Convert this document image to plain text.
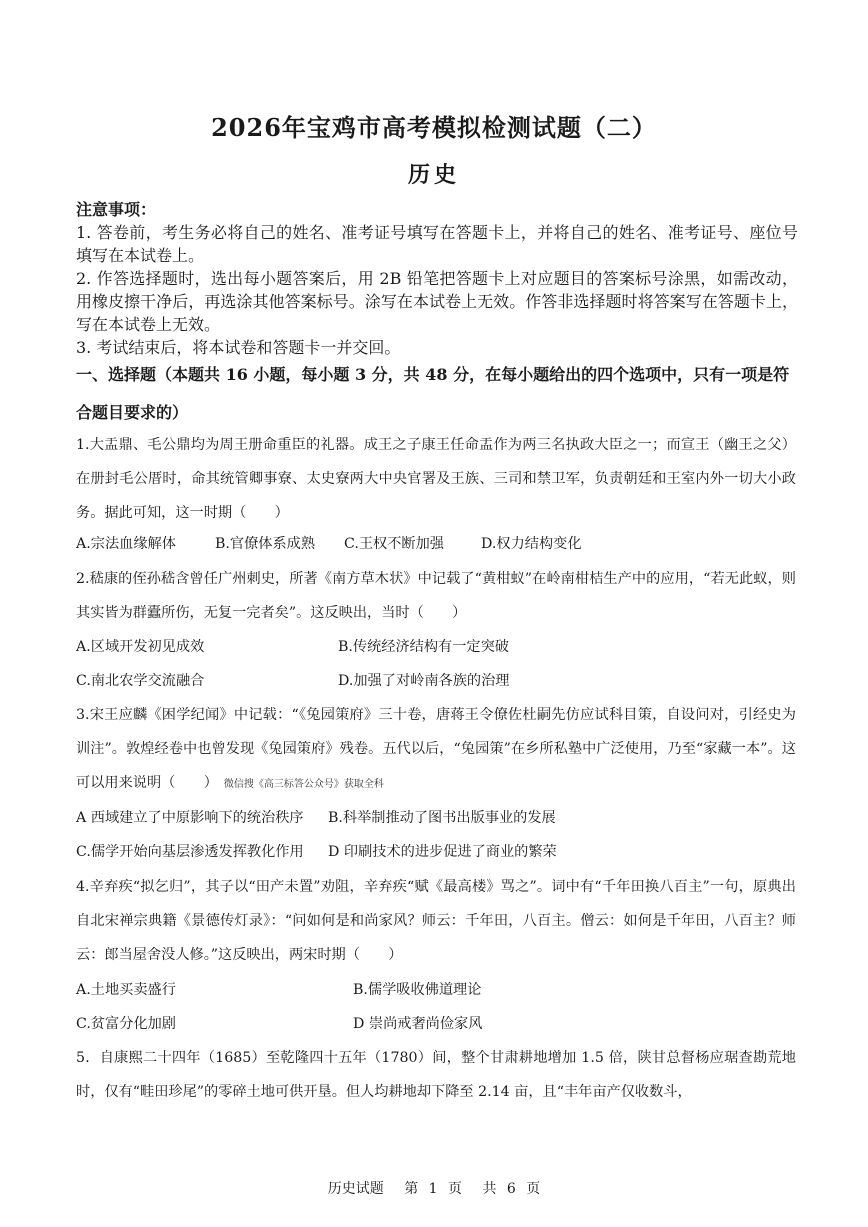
2026年宝鸡市高考模拟检测试题（二）
历史
注意事项：

1. 答卷前，考生务必将自己的姓名、准考证号填写在答题卡上，并将自己的姓名、准考证号、座位号填写在本试卷上。

2. 作答选择题时，选出每小题答案后，用 2B 铅笔把答题卡上对应题目的答案标号涂黑，如需改动，用橡皮擦干净后，再选涂其他答案标号。涂写在本试卷上无效。作答非选择题时将答案写在答题卡上，写在本试卷上无效。

3. 考试结束后，将本试卷和答题卡一并交回。

一、选择题（本题共 16 小题，每小题 3 分，共 48 分，在每小题给出的四个选项中，只有一项是符合题目要求的）
1.大盂鼎、毛公鼎均为周王册命重臣的礼器。成王之子康王任命盂作为两三名执政大臣之一；而宣王（幽王之父）在册封毛公厝时，命其统管卿事寮、太史寮两大中央官署及王族、三司和禁卫军，负责朝廷和王室内外一切大小政务。据此可知，这一时期（　　）
A.宗法血缘解体	B.官僚体系成熟 C.王权不断加强	D.权力结构变化
2.嵇康的侄孙嵇含曾任广州刺史，所著《南方草木状》中记载了“黄柑蚁”在岭南柑桔生产中的应用，“若无此蚁，则其实皆为群蠹所伤，无复一完者矣”。这反映出，当时（　　）
A.区域开发初见成效	B.传统经济结构有一定突破
C.南北农学交流融合	D.加强了对岭南各族的治理
3.宋王应麟《困学纪闻》中记载：“《兔园策府》三十卷，唐蒋王令僚佐杜嗣先仿应试科目策，自设问对，引经史为训注”。敦煌经卷中也曾发现《兔园策府》残卷。五代以后，“兔园策”在乡所私塾中广泛使用，乃至“家藏一本”。这可以用来说明（　　） 微信搜《高三标答公众号》获取全科
A 西域建立了中原影响下的统治秩序 B.科举制推动了图书出版事业的发展
C.儒学开始向基层渗透发挥教化作用 D 印刷技术的进步促进了商业的繁荣
4.辛弃疾“拟乞归”，其子以“田产未置”劝阻，辛弃疾“赋《最高楼》骂之”。词中有“千年田换八百主”一句，原典出自北宋禅宗典籍《景德传灯录》：“问如何是和尚家风？师云：千年田，八百主。僧云：如何是千年田，八百主？师云：郎当屋舍没人修。”这反映出，两宋时期（　　）
A.土地买卖盛行	B.儒学吸收佛道理论
C.贫富分化加剧	D 崇尚戒奢尚俭家风
5．自康熙二十四年（1685）至乾隆四十五年（1780）间，整个甘肃耕地增加 1.5 倍，陕甘总督杨应琚查勘荒地时，仅有“畦田珍尾”的零碎土地可供开垦。但人均耕地却下降至 2.14 亩，且“丰年亩产仅收数斗，
历史试题 第 1 页 共 6 页
